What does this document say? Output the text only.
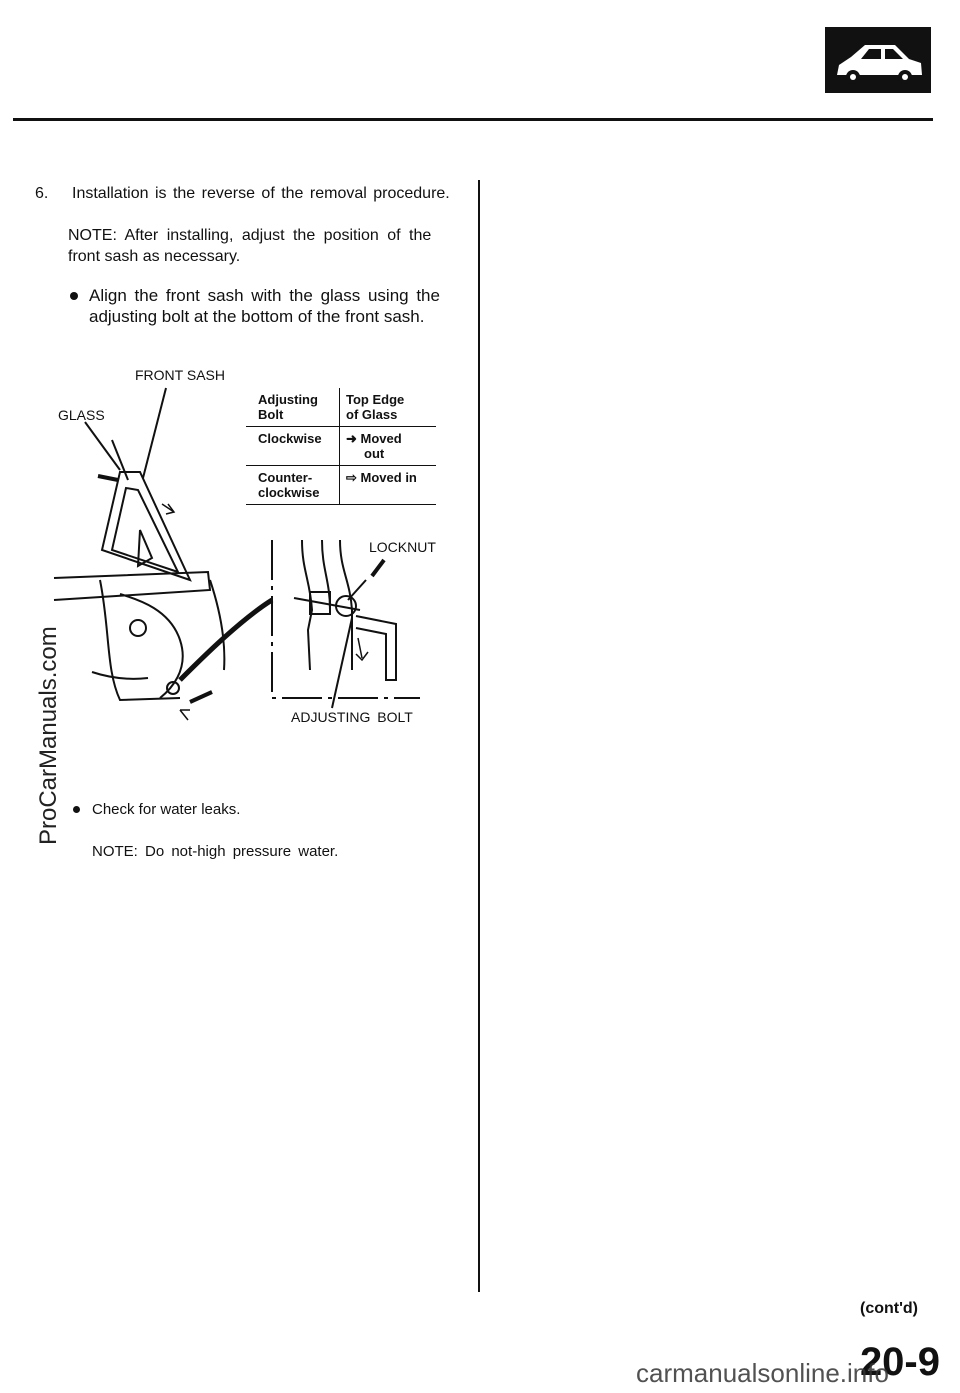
6. Installation is the reverse of the removal procedure.
NOTE: After installing, adjust the position of the
front sash as necessary.
Align the front sash with the glass using the
adjusting bolt at the bottom of the front sash.
FRONT SASH
GLASS
LOCKNUT
ADJUSTING BOLT
Adjusting
Bolt
Top Edge
of Glass
Clockwise	➜ Moved
out
Counter-
clockwise
⇨ Moved in
Check for water leaks.
NOTE: Do not-high pressure water.
(cont'd)
20-9
ProCarManuals.com
carmanualsonline.info
